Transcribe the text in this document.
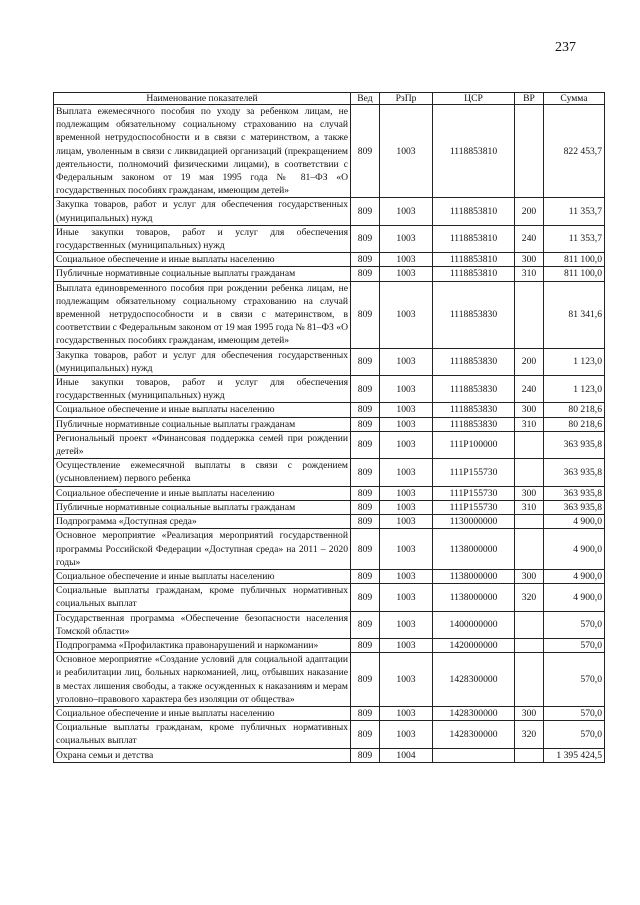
237
Наименование показателей	Вед	РзПр	ЦСР	ВР	Сумма
Выплата ежемесячного пособия по уходу за ребенком лицам, не подлежащим обязательному социальному страхованию на случай временной нетрудоспособности и в связи с материнством, а также лицам, уволенным в связи с ликвидацией организаций (прекращением деятельности, полномочий физическими лицами), в соответствии с Федеральным законом от 19 мая 1995 года № 81–ФЗ «О государственных пособиях гражданам, имеющим детей»	809	1003	1118853810		822 453,7
Закупка товаров, работ и услуг для обеспечения государственных (муниципальных) нужд	809	1003	1118853810	200	11 353,7
Иные закупки товаров, работ и услуг для обеспечения государственных (муниципальных) нужд	809	1003	1118853810	240	11 353,7
Социальное обеспечение и иные выплаты населению	809	1003	1118853810	300	811 100,0
Публичные нормативные социальные выплаты гражданам	809	1003	1118853810	310	811 100,0
Выплата единовременного пособия при рождении ребенка лицам, не подлежащим обязательному социальному страхованию на случай временной нетрудоспособности и в связи с материнством, в соответствии с Федеральным законом от 19 мая 1995 года № 81–ФЗ «О государственных пособиях гражданам, имеющим детей»	809	1003	1118853830		81 341,6
Закупка товаров, работ и услуг для обеспечения государственных (муниципальных) нужд	809	1003	1118853830	200	1 123,0
Иные закупки товаров, работ и услуг для обеспечения государственных (муниципальных) нужд	809	1003	1118853830	240	1 123,0
Социальное обеспечение и иные выплаты населению	809	1003	1118853830	300	80 218,6
Публичные нормативные социальные выплаты гражданам	809	1003	1118853830	310	80 218,6
Региональный проект «Финансовая поддержка семей при рождении детей»	809	1003	111P100000		363 935,8
Осуществление ежемесячной выплаты в связи с рождением (усыновлением) первого ребенка	809	1003	111P155730		363 935,8
Социальное обеспечение и иные выплаты населению	809	1003	111P155730	300	363 935,8
Публичные нормативные социальные выплаты гражданам	809	1003	111P155730	310	363 935,8
Подпрограмма «Доступная среда»	809	1003	1130000000		4 900,0
Основное мероприятие «Реализация мероприятий государственной программы Российской Федерации «Доступная среда» на 2011 – 2020 годы»	809	1003	1138000000		4 900,0
Социальное обеспечение и иные выплаты населению	809	1003	1138000000	300	4 900,0
Социальные выплаты гражданам, кроме публичных нормативных социальных выплат	809	1003	1138000000	320	4 900,0
Государственная программа «Обеспечение безопасности населения Томской области»	809	1003	1400000000		570,0
Подпрограмма «Профилактика правонарушений и наркомании»	809	1003	1420000000		570,0
Основное мероприятие «Создание условий для социальной адаптации и реабилитации лиц, больных наркоманией, лиц, отбывших наказание в местах лишения свободы, а также осужденных к наказаниям и мерам уголовно–правового характера без изоляции от общества»	809	1003	1428300000		570,0
Социальное обеспечение и иные выплаты населению	809	1003	1428300000	300	570,0
Социальные выплаты гражданам, кроме публичных нормативных социальных выплат	809	1003	1428300000	320	570,0
Охрана семьи и детства	809	1004			1 395 424,5
